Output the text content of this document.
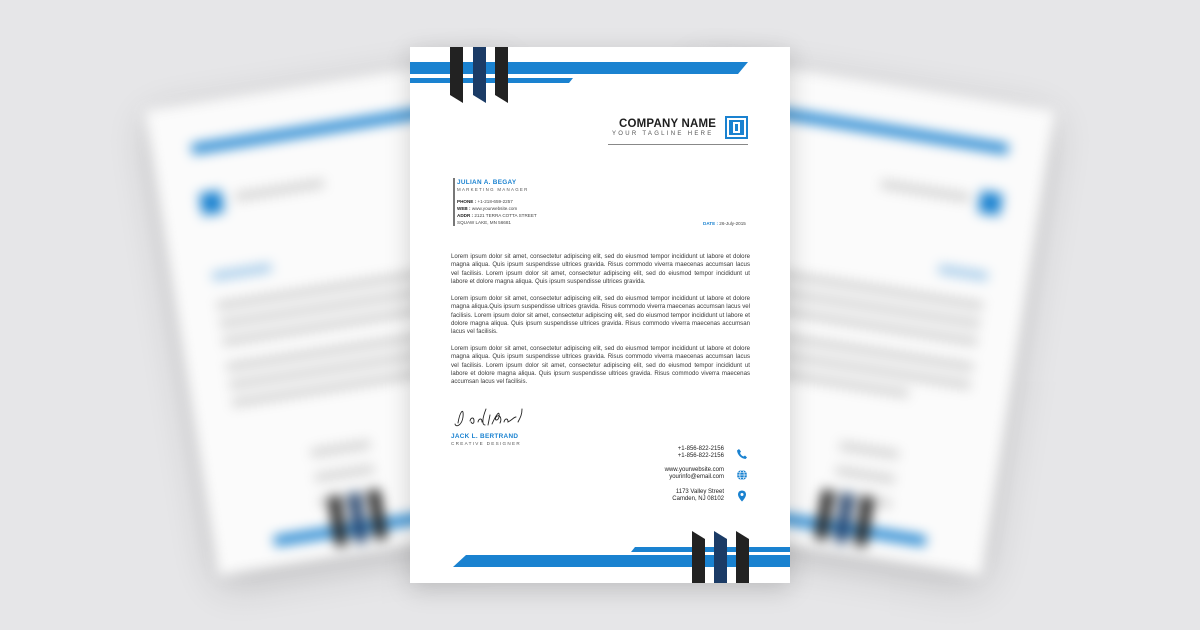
COMPANY NAME
YOUR TAGLINE HERE
JULIAN A. BEGAY
MARKETING MANAGER
PHONE : +1-218-659-2257
WEB : www.yourwebsite.com
ADDR : 2121 TERRA COTTA STREET
SQUAW LAKE, MN 56681	DATE : 26-July-2015

Lorem ipsum dolor sit amet, consectetur adipiscing elit, sed do eiusmod tempor incididunt ut labore et dolore magna aliqua. Quis ipsum suspendisse ultrices gravida. Risus commodo viverra maecenas accumsan lacus vel facilisis. Lorem ipsum dolor sit amet, consectetur adipiscing elit, sed do eiusmod tempor incididunt ut labore et dolore magna aliqua. Quis ipsum suspendisse ultrices gravida.

Lorem ipsum dolor sit amet, consectetur adipiscing elit, sed do eiusmod tempor incididunt ut labore et dolore magna aliqua.Quis ipsum suspendisse ultrices gravida. Risus commodo viverra maecenas accumsan lacus vel facilisis. Lorem ipsum dolor sit amet, consectetur adipiscing elit, sed do eiusmod tempor incididunt ut labore et dolore magna aliqua. Quis ipsum suspendisse ultrices gravida. Risus commodo viverra maecenas accumsan lacus vel facilisis.

Lorem ipsum dolor sit amet, consectetur adipiscing elit, sed do eiusmod tempor incididunt ut labore et dolore magna aliqua. Quis ipsum suspendisse ultrices gravida. Risus commodo viverra maecenas accumsan lacus vel facilisis. Lorem ipsum dolor sit amet, consectetur adipiscing elit, sed do eiusmod tempor incididunt ut labore et dolore magna aliqua. Quis ipsum suspendisse ultrices gravida. Risus commodo viverra maecenas accumsan lacus vel facilisis.

JACK L. BERTRAND
CREATIVE DESIGNER
+1-856-822-2156
+1-856-822-2156
www.yourwebsite.com
yourinfo@email.com
1173 Valley Street
Camden, NJ 08102
